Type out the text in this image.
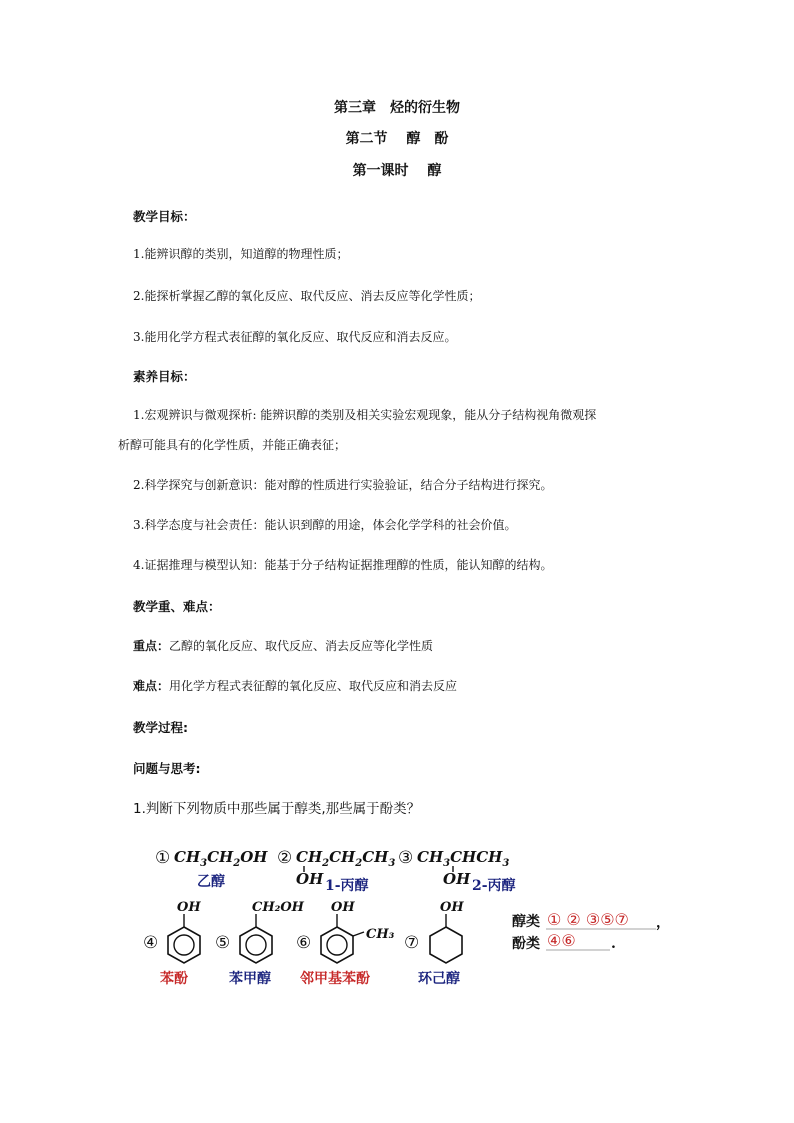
第三章　烃的衍生物
第二节　 醇　酚
第一课时　 醇
教学目标：
1.能辨识醇的类别，知道醇的物理性质；
2.能探析掌握乙醇的氧化反应、取代反应、消去反应等化学性质；
3.能用化学方程式表征醇的氧化反应、取代反应和消去反应。
素养目标：
1.宏观辨识与微观探析: 能辨识醇的类别及相关实验宏观现象，能从分子结构视角微观探
析醇可能具有的化学性质，并能正确表征；
2.科学探究与创新意识：能对醇的性质进行实验验证，结合分子结构进行探究。
3.科学态度与社会责任：能认识到醇的用途，体会化学学科的社会价值。
4.证据推理与模型认知：能基于分子结构证据推理醇的性质，能认知醇的结构。
教学重、难点：
重点：乙醇的氧化反应、取代反应、消去反应等化学性质
难点：用化学方程式表征醇的氧化反应、取代反应和消去反应
教学过程:
问题与思考:
1.判断下列物质中那些属于醇类,那些属于酚类？
① $CH_3CH_2OH$
乙醇
② $CH_2CH_2CH_3$
OH 1-丙醇
③ $CH_3CHCH_3$
OH 2-丙醇
④
OH
苯酚
⑤
CH₂OH
苯甲醇
⑥
OH
CH₃
邻甲基苯酚
⑦
OH
环己醇
醇类 ① ② ③⑤⑦ ，
酚类 ④⑥	.
